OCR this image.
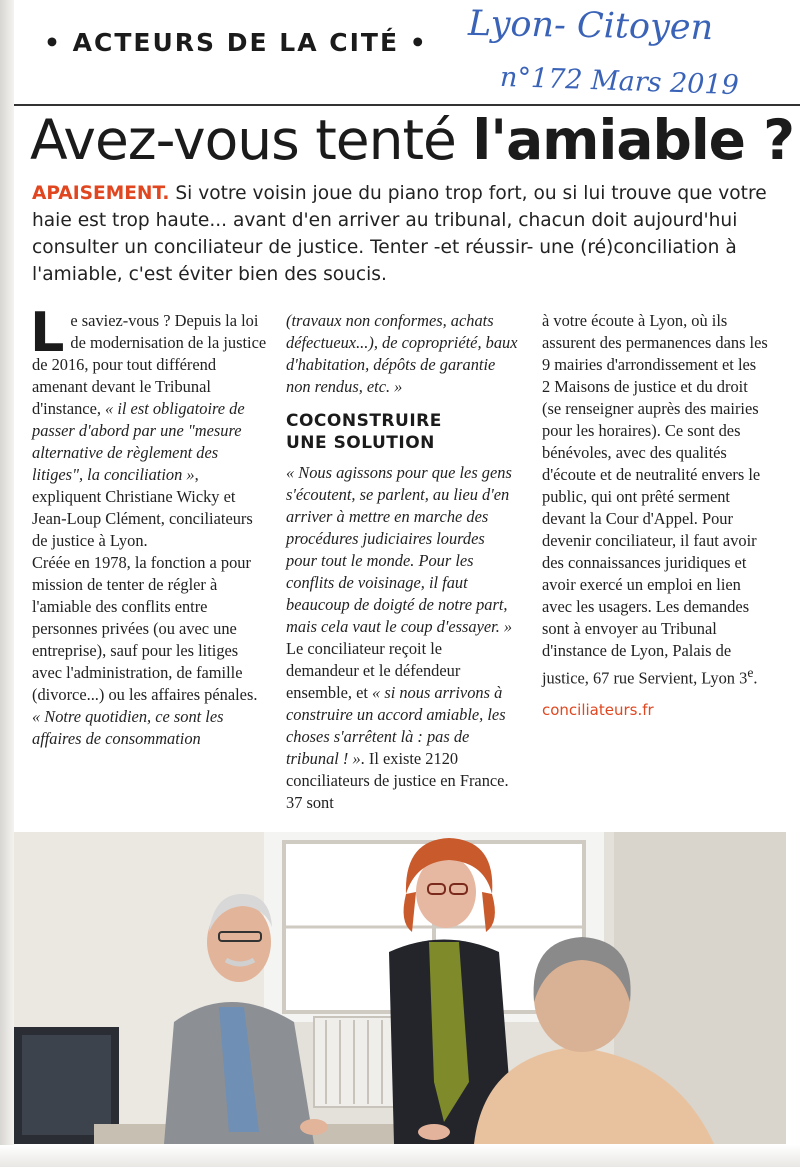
• ACTEURS DE LA CITÉ • Lyon- Citoyen
n°172 Mars 2019
Avez-vous tenté l'amiable ?
APAISEMENT. Si votre voisin joue du piano trop fort, ou si lui trouve que votre haie est trop haute... avant d'en arriver au tribunal, chacun doit aujourd'hui consulter un conciliateur de justice. Tenter -et réussir- une (ré)conciliation à l'amiable, c'est éviter bien des soucis.

Le saviez-vous ? Depuis la loi de modernisation de la justice de 2016, pour tout différend amenant devant le Tribunal d'instance, « il est obligatoire de passer d'abord par une "mesure alternative de règlement des litiges", la conciliation », expliquent Christiane Wicky et Jean-Loup Clément, conciliateurs de justice à Lyon.

Créée en 1978, la fonction a pour mission de tenter de régler à l'amiable des conflits entre personnes privées (ou avec une entreprise), sauf pour les litiges avec l'administration, de famille (divorce...) ou les affaires pénales.

« Notre quotidien, ce sont les affaires de consommation

(travaux non conformes, achats défectueux...), de copropriété, baux d'habitation, dépôts de garantie non rendus, etc. »

COCONSTRUIRE
UNE SOLUTION

« Nous agissons pour que les gens s'écoutent, se parlent, au lieu d'en arriver à mettre en marche des procédures judiciaires lourdes pour tout le monde. Pour les conflits de voisinage, il faut beaucoup de doigté de notre part, mais cela vaut le coup d'essayer. » Le conciliateur reçoit le demandeur et le défendeur ensemble, et « si nous arrivons à construire un accord amiable, les choses s'arrêtent là : pas de tribunal ! ». Il existe 2120 conciliateurs de justice en France. 37 sont

à votre écoute à Lyon, où ils assurent des permanences dans les 9 mairies d'arrondissement et les 2 Maisons de justice et du droit (se renseigner auprès des mairies pour les horaires). Ce sont des bénévoles, avec des qualités d'écoute et de neutralité envers le public, qui ont prêté serment devant la Cour d'Appel. Pour devenir conciliateur, il faut avoir des connaissances juridiques et avoir exercé un emploi en lien avec les usagers. Les demandes sont à envoyer au Tribunal d'instance de Lyon, Palais de justice, 67 rue Servient, Lyon 3e.

conciliateurs.fr
